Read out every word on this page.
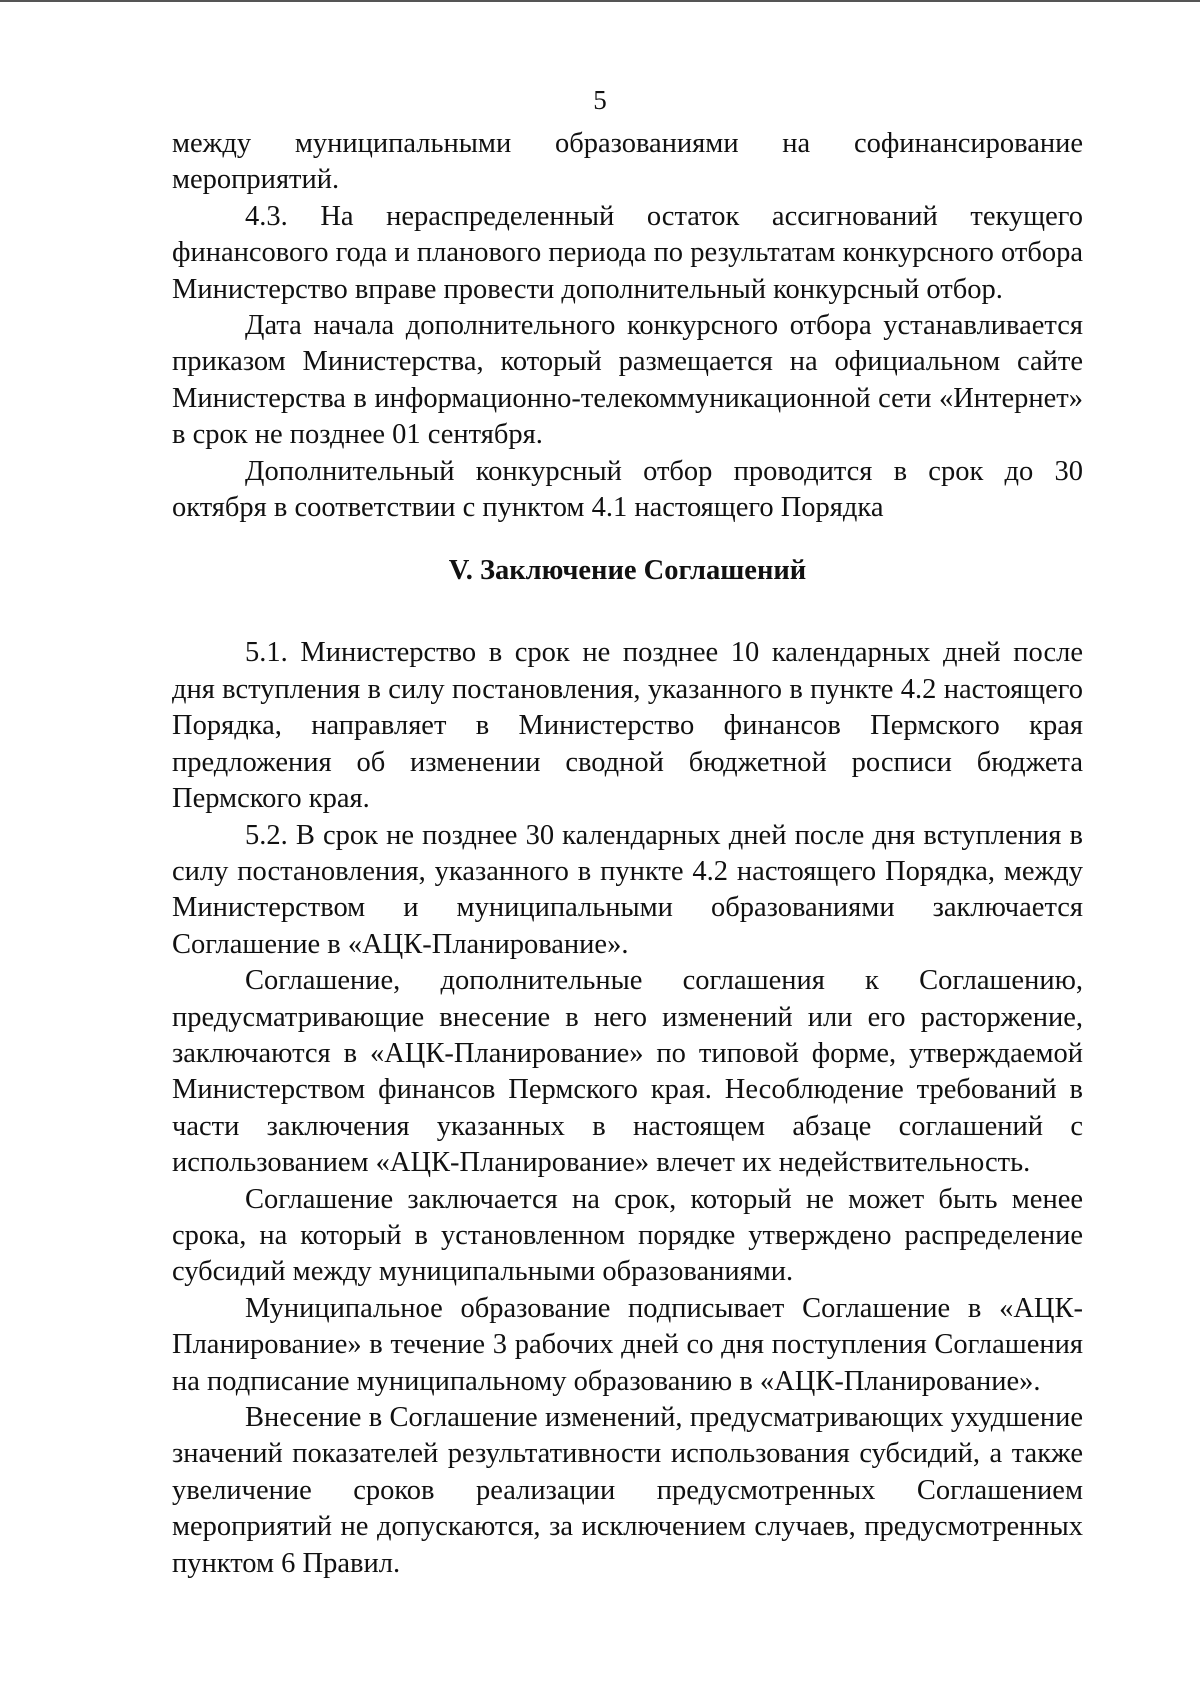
5

между муниципальными образованиями на софинансирование мероприятий.

4.3. На нераспределенный остаток ассигнований текущего финансового года и планового периода по результатам конкурсного отбора Министерство вправе провести дополнительный конкурсный отбор.

Дата начала дополнительного конкурсного отбора устанавливается приказом Министерства, который размещается на официальном сайте Министерства в информационно-телекоммуникационной сети «Интернет» в срок не позднее 01 сентября.

Дополнительный конкурсный отбор проводится в срок до 30 октября в соответствии с пунктом 4.1 настоящего Порядка

V. Заключение Соглашений

5.1. Министерство в срок не позднее 10 календарных дней после дня вступления в силу постановления, указанного в пункте 4.2 настоящего Порядка, направляет в Министерство финансов Пермского края предложения об изменении сводной бюджетной росписи бюджета Пермского края.

5.2. В срок не позднее 30 календарных дней после дня вступления в силу постановления, указанного в пункте 4.2 настоящего Порядка, между Министерством и муниципальными образованиями заключается Соглашение в «АЦК-Планирование».

Соглашение, дополнительные соглашения к Соглашению, предусматривающие внесение в него изменений или его расторжение, заключаются в «АЦК-Планирование» по типовой форме, утверждаемой Министерством финансов Пермского края. Несоблюдение требований в части заключения указанных в настоящем абзаце соглашений с использованием «АЦК-Планирование» влечет их недействительность.

Соглашение заключается на срок, который не может быть менее срока, на который в установленном порядке утверждено распределение субсидий между муниципальными образованиями.

Муниципальное образование подписывает Соглашение в «АЦК-Планирование» в течение 3 рабочих дней со дня поступления Соглашения на подписание муниципальному образованию в «АЦК-Планирование».

Внесение в Соглашение изменений, предусматривающих ухудшение значений показателей результативности использования субсидий, а также увеличение сроков реализации предусмотренных Соглашением мероприятий не допускаются, за исключением случаев, предусмотренных пунктом 6 Правил.
